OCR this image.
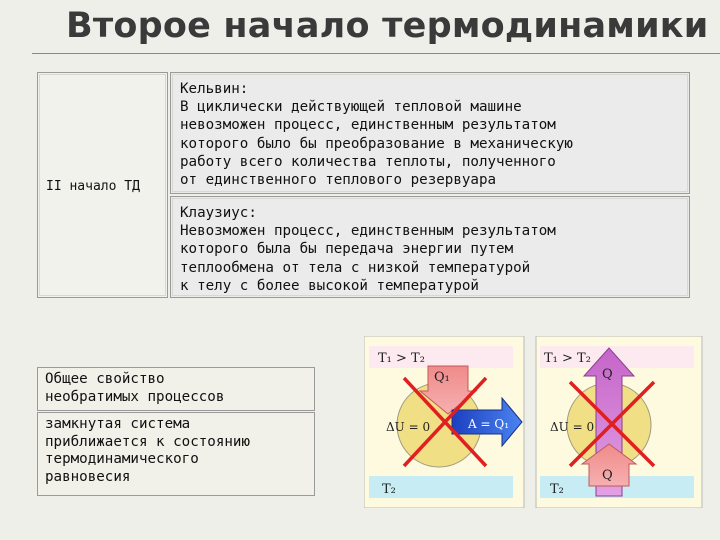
Второе начало термодинамики
II начало ТД
Кельвин:
В циклически действующей тепловой машине
невозможен процесс, единственным результатом
которого было бы преобразование в механическую
работу всего количества теплоты, полученного
от единственного теплового резервуара
Клаузиус:
Невозможен процесс, единственным результатом
которого была бы передача энергии путем
теплообмена от тела с низкой температурой
к телу с более высокой температурой
Общее свойство
необратимых процессов
замкнутая система
приближается к состоянию
термодинамического
равновесия
T₁ > T₂
T₂
ΔU = 0
Q₁
A = Q₁
T₁ > T₂
T₂
ΔU = 0
Q
Q
